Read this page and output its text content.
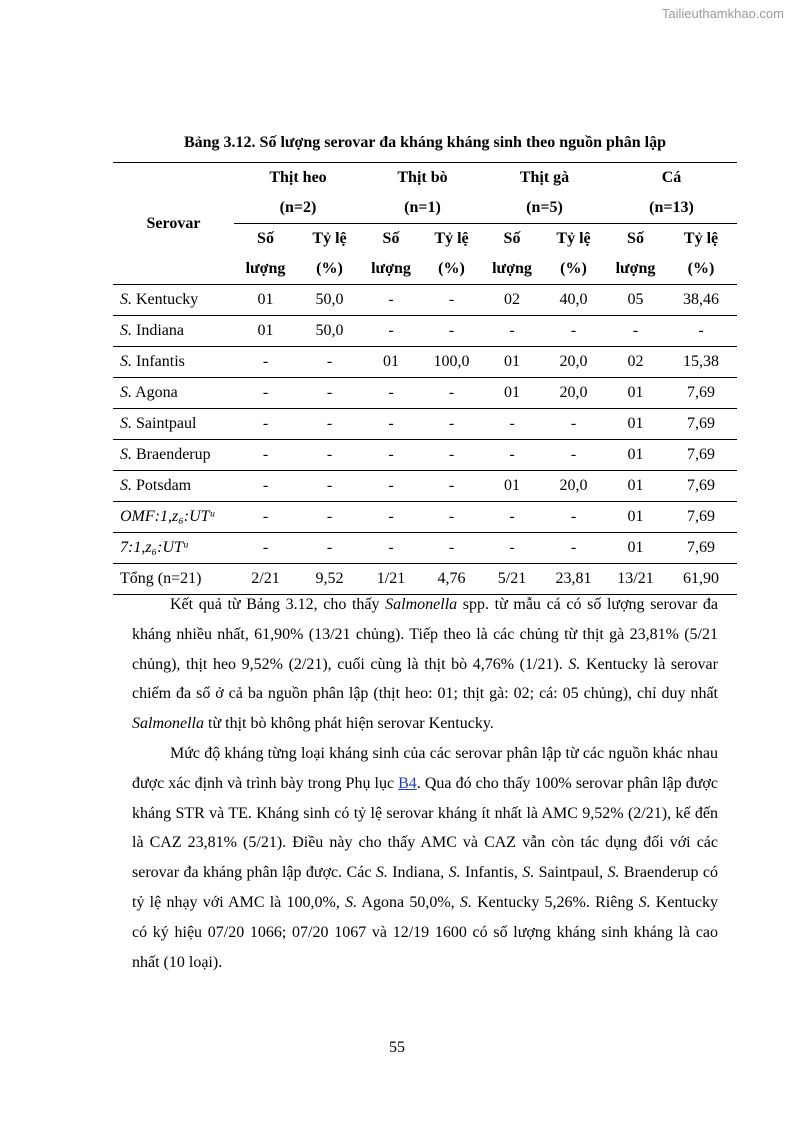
Tailieuthamkhao.com
Bảng 3.12. Số lượng serovar đa kháng kháng sinh theo nguồn phân lập
Serovar	Thịt heo		Thịt bò		Thịt gà		Cá	
	(n=2)		(n=1)		(n=5)		(n=13)	
	Số	Tỷ lệ	Số	Tỷ lệ	Số	Tỷ lệ	Số	Tỷ lệ
	lượng	(%)	lượng	(%)	lượng	(%)	lượng	(%)
S. Kentucky	01	50,0	-	-	02	40,0	05	38,46
S. Indiana	01	50,0	-	-	-	-	-	-
S. Infantis	-	-	01	100,0	01	20,0	02	15,38
S. Agona	-	-	-	-	01	20,0	01	7,69
S. Saintpaul	-	-	-	-	-	-	01	7,69
S. Braenderup	-	-	-	-	-	-	01	7,69
S. Potsdam	-	-	-	-	01	20,0	01	7,69
OMF:1,z₆:UTᵘ	-	-	-	-	-	-	01	7,69
7:1,z₆:UTᵘ	-	-	-	-	-	-	01	7,69
Tổng (n=21)	2/21	9,52	1/21	4,76	5/21	23,81	13/21	61,90

Kết quả từ Bảng 3.12, cho thấy Salmonella spp. từ mẫu cá có số lượng serovar đa kháng nhiều nhất, 61,90% (13/21 chủng). Tiếp theo là các chủng từ thịt gà 23,81% (5/21 chủng), thịt heo 9,52% (2/21), cuối cùng là thịt bò 4,76% (1/21). S. Kentucky là serovar chiếm đa số ở cả ba nguồn phân lập (thịt heo: 01; thịt gà: 02; cá: 05 chủng), chỉ duy nhất Salmonella từ thịt bò không phát hiện serovar Kentucky.

Mức độ kháng từng loại kháng sinh của các serovar phân lập từ các nguồn khác nhau được xác định và trình bày trong Phụ lục B4. Qua đó cho thấy 100% serovar phân lập được kháng STR và TE. Kháng sinh có tỷ lệ serovar kháng ít nhất là AMC 9,52% (2/21), kế đến là CAZ 23,81% (5/21). Điều này cho thấy AMC và CAZ vẫn còn tác dụng đối với các serovar đa kháng phân lập được. Các S. Indiana, S. Infantis, S. Saintpaul, S. Braenderup có tỷ lệ nhạy với AMC là 100,0%, S. Agona 50,0%, S. Kentucky 5,26%. Riêng S. Kentucky có ký hiệu 07/20 1066; 07/20 1067 và 12/19 1600 có số lượng kháng sinh kháng là cao nhất (10 loại).

55
